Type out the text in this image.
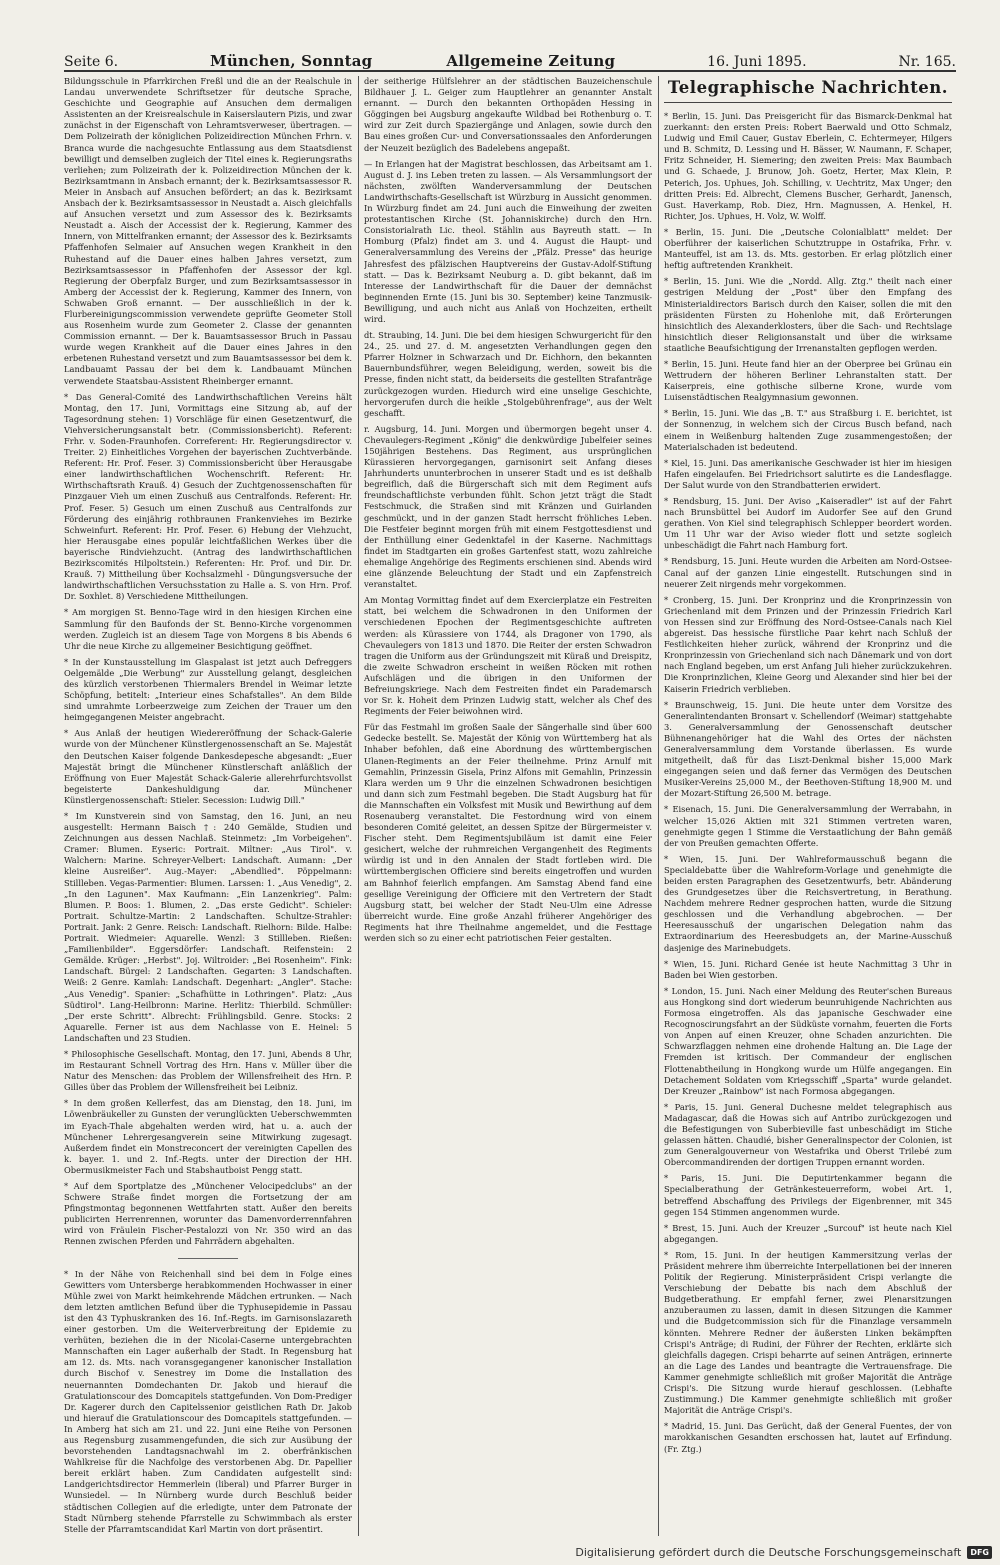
Seite 6.	München, Sonntag	Allgemeine Zeitung	16. Juni 1895.	Nr. 165.

Bildungsschule in Pfarrkirchen Freßl und die an der Realschule in Landau unverwendete Schriftsetzer für deutsche Sprache, Geschichte und Geographie auf Ansuchen dem dermaligen Assistenten an der Kreisrealschule in Kaiserslautern Pizis, und zwar zunächst in der Eigenschaft von Lehramtsverweser, übertragen. — Dem Polizeirath der königlichen Polizeidirection München Frhrn. v. Branca wurde die nachgesuchte Entlassung aus dem Staatsdienst bewilligt und demselben zugleich der Titel eines k. Regierungsraths verliehen; zum Polizeirath der k. Polizeidirection München der k. Bezirksamtmann in Ansbach ernannt; der k. Bezirksamtsassessor R. Meier in Ansbach auf Ansuchen befördert; an das k. Bezirksamt Ansbach der k. Bezirksamtsassessor in Neustadt a. Aisch gleichfalls auf Ansuchen versetzt und zum Assessor des k. Bezirksamts Neustadt a. Aisch der Accessist der k. Regierung, Kammer des Innern, von Mittelfranken ernannt; der Assessor des k. Bezirksamts Pfaffenhofen Selmaier auf Ansuchen wegen Krankheit in den Ruhestand auf die Dauer eines halben Jahres versetzt, zum Bezirksamtsassessor in Pfaffenhofen der Assessor der kgl. Regierung der Oberpfalz Burger, und zum Bezirksamtsassessor in Amberg der Accessist der k. Regierung, Kammer des Innern, von Schwaben Groß ernannt. — Der ausschließlich in der k. Flurbereinigungscommission verwendete geprüfte Geometer Stoll aus Rosenheim wurde zum Geometer 2. Classe der genannten Commission ernannt. — Der k. Bauamtsassessor Bruch in Passau wurde wegen Krankheit auf die Dauer eines Jahres in den erbetenen Ruhestand versetzt und zum Bauamtsassessor bei dem k. Landbauamt Passau der bei dem k. Landbauamt München verwendete Staatsbau-Assistent Rheinberger ernannt.

* Das General-Comité des Landwirthschaftlichen Vereins hält Montag, den 17. Juni, Vormittags eine Sitzung ab, auf der Tagesordnung stehen: 1) Vorschläge für einen Gesetzentwurf, die Viehversicherungsanstalt betr. (Commissionsbericht). Referent: Frhr. v. Soden-Fraunhofen. Correferent: Hr. Regierungsdirector v. Treiter. 2) Einheitliches Vorgehen der bayerischen Zuchtverbände. Referent: Hr. Prof. Feser. 3) Commissionsbericht über Herausgabe einer landwirthschaftlichen Wochenschrift. Referent: Hr. Wirthschaftsrath Krauß. 4) Gesuch der Zuchtgenossenschaften für Pinzgauer Vieh um einen Zuschuß aus Centralfonds. Referent: Hr. Prof. Feser. 5) Gesuch um einen Zuschuß aus Centralfonds zur Förderung des einjährig rothbraunen Frankenviehes im Bezirke Schweinfurt. Referent: Hr. Prof. Feser. 6) Hebung der Viehzucht, hier Herausgabe eines populär leichtfaßlichen Werkes über die bayerische Rindviehzucht. (Antrag des landwirthschaftlichen Bezirkscomités Hilpoltstein.) Referenten: Hr. Prof. und Dir. Dr. Krauß. 7) Mittheilung über Kochsalzmehl - Düngungsversuche der landwirthschaftlichen Versuchsstation zu Halle a. S. von Hrn. Prof. Dr. Soxhlet. 8) Verschiedene Mittheilungen.

* Am morgigen St. Benno-Tage wird in den hiesigen Kirchen eine Sammlung für den Baufonds der St. Benno-Kirche vorgenommen werden. Zugleich ist an diesem Tage von Morgens 8 bis Abends 6 Uhr die neue Kirche zu allgemeiner Besichtigung geöffnet.

* In der Kunstausstellung im Glaspalast ist jetzt auch Defreggers Oelgemälde „Die Werbung" zur Ausstellung gelangt, desgleichen des kürzlich verstorbenen Thiermalers Brendel in Weimar letzte Schöpfung, betitelt: „Interieur eines Schafstalles". An dem Bilde sind umrahmte Lorbeerzweige zum Zeichen der Trauer um den heimgegangenen Meister angebracht.

* Aus Anlaß der heutigen Wiedereröffnung der Schack-Galerie wurde von der Münchener Künstlergenossenschaft an Se. Majestät den Deutschen Kaiser folgende Dankesdepesche abgesandt: „Euer Majestät bringt die Münchener Künstlerschaft anläßlich der Eröffnung von Euer Majestät Schack-Galerie allerehrfurchtsvollst begeisterte Dankeshuldigung dar. Münchener Künstlergenossenschaft: Stieler. Secession: Ludwig Dill."

* Im Kunstverein sind von Samstag, den 16. Juni, an neu ausgestellt: Hermann Baisch †: 240 Gemälde, Studien und Zeichnungen aus dessen Nachlaß. Steinmetz: „Im Vorbeigehen". Cramer: Blumen. Eyseric: Portrait. Miltner: „Aus Tirol". v. Walchern: Marine. Schreyer-Velbert: Landschaft. Aumann: „Der kleine Ausreißer". Aug.-Mayer: „Abendlied". Pöppelmann: Stillleben. Vegas-Parmentier: Blumen. Larssen: 1. „Aus Venedig", 2. „In den Lagunen". Max Kaufmann: „Ein Lanzenkrieg". Palm: Blumen. P. Boos: 1. Blumen, 2. „Das erste Gedicht". Schieler: Portrait. Schultze-Martin: 2 Landschaften. Schultze-Strahler: Portrait. Jank: 2 Genre. Reisch: Landschaft. Rielhorn: Bilde. Halbe: Portrait. Wiedmeier: Aquarelle. Wenzl: 3 Stillleben. Rießen: „Familienbilder". Eggersdörfer: Landschaft. Reifenstein: 2 Gemälde. Krüger: „Herbst". Joj. Wiltroider: „Bei Rosenheim". Fink: Landschaft. Bürgel: 2 Landschaften. Gegarten: 3 Landschaften. Weiß: 2 Genre. Kamlah: Landschaft. Degenhart: „Angler". Stache: „Aus Venedig". Spanier: „Schafhütte in Lothringen". Platz: „Aus Südtirol". Lang-Heilbronn: Marine. Herlitz: Thierbild. Schmüller: „Der erste Schritt". Albrecht: Frühlingsbild. Genre. Stocks: 2 Aquarelle. Ferner ist aus dem Nachlasse von E. Heinel: 5 Landschaften und 23 Studien.

* Philosophische Gesellschaft. Montag, den 17. Juni, Abends 8 Uhr, im Restaurant Schnell Vortrag des Hrn. Hans v. Müller über die Natur des Menschen: das Problem der Willensfreiheit des Hrn. P. Gilles über das Problem der Willensfreiheit bei Leibniz.

* In dem großen Kellerfest, das am Dienstag, den 18. Juni, im Löwenbräukeller zu Gunsten der verunglückten Ueberschwemmten im Eyach-Thale abgehalten werden wird, hat u. a. auch der Münchener Lehrergesangverein seine Mitwirkung zugesagt. Außerdem findet ein Monstreconcert der vereinigten Capellen des k. bayer. 1. und 2. Inf.-Regts. unter der Direction der HH. Obermusikmeister Fach und Stabshautboist Pengg statt.

* Auf dem Sportplatze des „Münchener Velocipedclubs" an der Schwere Straße findet morgen die Fortsetzung der am Pfingstmontag begonnenen Wettfahrten statt. Außer den bereits publicirten Herrenrennen, worunter das Damenvorderrennfahren wird von Fräulein Fischer-Pestalozzi von Nr. 350 wird an das Rennen zwischen Pferden und Fahrrädern abgehalten.

* In der Nähe von Reichenhall sind bei dem in Folge eines Gewitters vom Untersberge herabkommenden Hochwasser in einer Mühle zwei von Markt heimkehrende Mädchen ertrunken. — Nach dem letzten amtlichen Befund über die Typhusepidemie in Passau ist den 43 Typhuskranken des 16. Inf.-Regts. im Garnisonslazareth einer gestorben. Um die Weiterverbreitung der Epidemie zu verhüten, beziehen die in der Nicolai-Caserne untergebrachten Mannschaften ein Lager außerhalb der Stadt. In Regensburg hat am 12. ds. Mts. nach voransgegangener kanonischer Installation durch Bischof v. Senestrey im Dome die Installation des neuernannten Domdechanten Dr. Jakob und hierauf die Gratulationscour des Domcapitels stattgefunden. Von Dom-Prediger Dr. Kagerer durch den Capitelssenior geistlichen Rath Dr. Jakob und hierauf die Gratulationscour des Domcapitels stattgefunden. — In Amberg hat sich am 21. und 22. Juni eine Reihe von Personen aus Regensburg zusammengefunden, die sich zur Ausübung der bevorstehenden Landtagsnachwahl im 2. oberfränkischen Wahlkreise für die Nachfolge des verstorbenen Abg. Dr. Papellier bereit erklärt haben. Zum Candidaten aufgestellt sind: Landgerichtsdirector Hemmerlein (liberal) und Pfarrer Burger in Wunsiedel. — In Nürnberg wurde durch Beschluß beider städtischen Collegien auf die erledigte, unter dem Patronate der Stadt Nürnberg stehende Pfarrstelle zu Schwimmbach als erster Stelle der Pfarramtscandidat Karl Martin von dort präsentirt.

der seitherige Hülfslehrer an der städtischen Bauzeichenschule Bildhauer J. L. Geiger zum Hauptlehrer an genannter Anstalt ernannt. — Durch den bekannten Orthopäden Hessing in Göggingen bei Augsburg angekaufte Wildbad bei Rothenburg o. T. wird zur Zeit durch Spaziergänge und Anlagen, sowie durch den Bau eines großen Cur- und Conversationssaales den Anforderungen der Neuzeit bezüglich des Badelebens angepaßt.

— In Erlangen hat der Magistrat beschlossen, das Arbeitsamt am 1. August d. J. ins Leben treten zu lassen. — Als Versammlungsort der nächsten, zwölften Wanderversammlung der Deutschen Landwirthschafts-Gesellschaft ist Würzburg in Aussicht genommen. In Würzburg findet am 24. Juni auch die Einweihung der zweiten protestantischen Kirche (St. Johanniskirche) durch den Hrn. Consistorialrath Lic. theol. Stählin aus Bayreuth statt. — In Homburg (Pfalz) findet am 3. und 4. August die Haupt- und Generalversammlung des Vereins der „Pfälz. Presse" das heurige Jahresfest des pfälzischen Hauptvereins der Gustav-Adolf-Stiftung statt. — Das k. Bezirksamt Neuburg a. D. gibt bekannt, daß im Interesse der Landwirthschaft für die Dauer der demnächst beginnenden Ernte (15. Juni bis 30. September) keine Tanzmusik-Bewilligung, und auch nicht aus Anlaß von Hochzeiten, ertheilt wird.

dt. Straubing, 14. Juni. Die bei dem hiesigen Schwurgericht für den 24., 25. und 27. d. M. angesetzten Verhandlungen gegen den Pfarrer Holzner in Schwarzach und Dr. Eichhorn, den bekannten Bauernbundsführer, wegen Beleidigung, werden, soweit bis die Presse, finden nicht statt, da beiderseits die gestellten Strafanträge zurückgezogen wurden. Hiedurch wird eine unselige Geschichte, hervorgerufen durch die heikle „Stolgebührenfrage", aus der Welt geschafft.

r. Augsburg, 14. Juni. Morgen und übermorgen begeht unser 4. Chevaulegers-Regiment „König" die denkwürdige Jubelfeier seines 150jährigen Bestehens. Das Regiment, aus ursprünglichen Kürassieren hervorgegangen, garnisonirt seit Anfang dieses Jahrhunderts ununterbrochen in unserer Stadt und es ist deßhalb begreiflich, daß die Bürgerschaft sich mit dem Regiment aufs freundschaftlichste verbunden fühlt. Schon jetzt trägt die Stadt Festschmuck, die Straßen sind mit Kränzen und Guirlanden geschmückt, und in der ganzen Stadt herrscht fröhliches Leben. Die Festfeier beginnt morgen früh mit einem Festgottesdienst und der Enthüllung einer Gedenktafel in der Kaserne. Nachmittags findet im Stadtgarten ein großes Gartenfest statt, wozu zahlreiche ehemalige Angehörige des Regiments erschienen sind. Abends wird eine glänzende Beleuchtung der Stadt und ein Zapfenstreich veranstaltet.

Am Montag Vormittag findet auf dem Exercierplatze ein Festreiten statt, bei welchem die Schwadronen in den Uniformen der verschiedenen Epochen der Regimentsgeschichte auftreten werden: als Kürassiere von 1744, als Dragoner von 1790, als Chevaulegers von 1813 und 1870. Die Reiter der ersten Schwadron tragen die Uniform aus der Gründungszeit mit Küraß und Dreispitz, die zweite Schwadron erscheint in weißen Röcken mit rothen Aufschlägen und die übrigen in den Uniformen der Befreiungskriege. Nach dem Festreiten findet ein Parademarsch vor Sr. k. Hoheit dem Prinzen Ludwig statt, welcher als Chef des Regiments der Feier beiwohnen wird.

Für das Festmahl im großen Saale der Sängerhalle sind über 600 Gedecke bestellt. Se. Majestät der König von Württemberg hat als Inhaber befohlen, daß eine Abordnung des württembergischen Ulanen-Regiments an der Feier theilnehme. Prinz Arnulf mit Gemahlin, Prinzessin Gisela, Prinz Alfons mit Gemahlin, Prinzessin Klara werden um 9 Uhr die einzelnen Schwadronen besichtigen und dann sich zum Festmahl begeben. Die Stadt Augsburg hat für die Mannschaften ein Volksfest mit Musik und Bewirthung auf dem Rosenauberg veranstaltet. Die Festordnung wird von einem besonderen Comité geleitet, an dessen Spitze der Bürgermeister v. Fischer steht. Dem Regimentsjubiläum ist damit eine Feier gesichert, welche der ruhmreichen Vergangenheit des Regiments würdig ist und in den Annalen der Stadt fortleben wird. Die württembergischen Officiere sind bereits eingetroffen und wurden am Bahnhof feierlich empfangen. Am Samstag Abend fand eine gesellige Vereinigung der Officiere mit den Vertretern der Stadt Augsburg statt, bei welcher der Stadt Neu-Ulm eine Adresse überreicht wurde. Eine große Anzahl früherer Angehöriger des Regiments hat ihre Theilnahme angemeldet, und die Festtage werden sich so zu einer echt patriotischen Feier gestalten.

Telegraphische Nachrichten.

* Berlin, 15. Juni. Das Preisgericht für das Bismarck-Denkmal hat zuerkannt: den ersten Preis: Robert Baerwald und Otto Schmalz, Ludwig und Emil Cauer, Gustav Eberlein, C. Echtermeyer, Hilgers und B. Schmitz, D. Lessing und H. Bässer, W. Naumann, F. Schaper, Fritz Schneider, H. Siemering; den zweiten Preis: Max Baumbach und G. Schaede, J. Brunow, Joh. Goetz, Herter, Max Klein, P. Peterich, Jos. Uphues, Joh. Schilling, v. Uechtritz, Max Unger; den dritten Preis: Ed. Albrecht, Clemens Buscher, Gerhardt, Janensch, Gust. Haverkamp, Rob. Diez, Hrn. Magnussen, A. Henkel, H. Richter, Jos. Uphues, H. Volz, W. Wolff.

* Berlin, 15. Juni. Die „Deutsche Colonialblatt" meldet: Der Oberführer der kaiserlichen Schutztruppe in Ostafrika, Frhr. v. Manteuffel, ist am 13. ds. Mts. gestorben. Er erlag plötzlich einer heftig auftretenden Krankheit.

* Berlin, 15. Juni. Wie die „Nordd. Allg. Ztg." theilt nach einer gestrigen Meldung der „Post" über den Empfang des Ministerialdirectors Barisch durch den Kaiser, sollen die mit den präsidenten Fürsten zu Hohenlohe mit, daß Erörterungen hinsichtlich des Alexanderklosters, über die Sach- und Rechtslage hinsichtlich dieser Religionsanstalt und über die wirksame staatliche Beaufsichtigung der Irrenanstalten gepflogen werden.

* Berlin, 15. Juni. Heute fand hier an der Oberpree bei Grünau ein Wettrudern der höheren Berliner Lehranstalten statt. Der Kaiserpreis, eine gothische silberne Krone, wurde vom Luisenstädtischen Realgymnasium gewonnen.

* Berlin, 15. Juni. Wie das „B. T." aus Straßburg i. E. berichtet, ist der Sonnenzug, in welchem sich der Circus Busch befand, nach einem in Weißenburg haltenden Zuge zusammengestoßen; der Materialschaden ist bedeutend.

* Kiel, 15. Juni. Das amerikanische Geschwader ist hier im hiesigen Hafen eingelaufen. Bei Friedrichsort salutirte es die Landesflagge. Der Salut wurde von den Strandbatterien erwidert.

* Rendsburg, 15. Juni. Der Aviso „Kaiseradler" ist auf der Fahrt nach Brunsbüttel bei Audorf im Audorfer See auf den Grund gerathen. Von Kiel sind telegraphisch Schlepper beordert worden. Um 11 Uhr war der Aviso wieder flott und setzte sogleich unbeschädigt die Fahrt nach Hamburg fort.

* Rendsburg, 15. Juni. Heute wurden die Arbeiten am Nord-Ostsee-Canal auf der ganzen Linie eingestellt. Rutschungen sind in neuerer Zeit nirgends mehr vorgekommen.

* Cronberg, 15. Juni. Der Kronprinz und die Kronprinzessin von Griechenland mit dem Prinzen und der Prinzessin Friedrich Karl von Hessen sind zur Eröffnung des Nord-Ostsee-Canals nach Kiel abgereist. Das hessische fürstliche Paar kehrt nach Schluß der Festlichkeiten hieher zurück, während der Kronprinz und die Kronprinzessin von Griechenland sich nach Dänemark und von dort nach England begeben, um erst Anfang Juli hieher zurückzukehren. Die Kronprinzlichen, Kleine Georg und Alexander sind hier bei der Kaiserin Friedrich verblieben.

* Braunschweig, 15. Juni. Die heute unter dem Vorsitze des Generalintendanten Bronsart v. Schellendorf (Weimar) stattgehabte 3. Generalversammlung der Genossenschaft deutscher Bühnenangehöriger hat die Wahl des Ortes der nächsten Generalversammlung dem Vorstande überlassen. Es wurde mitgetheilt, daß für das Liszt-Denkmal bisher 15,000 Mark eingegangen seien und daß ferner das Vermögen des Deutschen Musiker-Vereins 25,000 M., der Beethoven-Stiftung 18,900 M. und der Mozart-Stiftung 26,500 M. betrage.

* Eisenach, 15. Juni. Die Generalversammlung der Werrabahn, in welcher 15,026 Aktien mit 321 Stimmen vertreten waren, genehmigte gegen 1 Stimme die Verstaatlichung der Bahn gemäß der von Preußen gemachten Offerte.

* Wien, 15. Juni. Der Wahlreformausschuß begann die Specialdebatte über die Wahlreform-Vorlage und genehmigte die beiden ersten Paragraphen des Gesetzentwurfs, betr. Abänderung des Grundgesetzes über die Reichsvertretung, in Berathung. Nachdem mehrere Redner gesprochen hatten, wurde die Sitzung geschlossen und die Verhandlung abgebrochen. — Der Heeresausschuß der ungarischen Delegation nahm das Extraordinarium des Heeresbudgets an, der Marine-Ausschuß dasjenige des Marinebudgets.

* Wien, 15. Juni. Richard Genée ist heute Nachmittag 3 Uhr in Baden bei Wien gestorben.

* London, 15. Juni. Nach einer Meldung des Reuter'schen Bureaus aus Hongkong sind dort wiederum beunruhigende Nachrichten aus Formosa eingetroffen. Als das japanische Geschwader eine Recognoscirungsfahrt an der Südküste vornahm, feuerten die Forts von Anpen auf einen Kreuzer, ohne Schaden anzurichten. Die Schwarzflaggen nehmen eine drohende Haltung an. Die Lage der Fremden ist kritisch. Der Commandeur der englischen Flottenabtheilung in Hongkong wurde um Hülfe angegangen. Ein Detachement Soldaten vom Kriegsschiff „Sparta" wurde gelandet. Der Kreuzer „Rainbow" ist nach Formosa abgegangen.

* Paris, 15. Juni. General Duchesne meldet telegraphisch aus Madagascar, daß die Howas sich auf Antribo zurückgezogen und die Befestigungen von Suberbieville fast unbeschädigt im Stiche gelassen hätten. Chaudié, bisher Generalinspector der Colonien, ist zum Generalgouverneur von Westafrika und Oberst Trilebé zum Obercommandirenden der dortigen Truppen ernannt worden.

* Paris, 15. Juni. Die Deputirtenkammer begann die Specialberathung der Getränkesteuerreform, wobei Art. 1, betreffend Abschaffung des Privilegs der Eigenbrenner, mit 345 gegen 154 Stimmen angenommen wurde.

* Brest, 15. Juni. Auch der Kreuzer „Surcouf" ist heute nach Kiel abgegangen.

* Rom, 15. Juni. In der heutigen Kammersitzung verlas der Präsident mehrere ihm überreichte Interpellationen bei der inneren Politik der Regierung. Ministerpräsident Crispi verlangte die Verschiebung der Debatte bis nach dem Abschluß der Budgetberathung. Er empfahl ferner, zwei Plenarsitzungen anzuberaumen zu lassen, damit in diesen Sitzungen die Kammer und die Budgetcommission sich für die Finanzlage versammeln könnten. Mehrere Redner der äußersten Linken bekämpften Crispi's Anträge; di Rudini, der Führer der Rechten, erklärte sich gleichfalls dagegen. Crispi beharrte auf seinen Anträgen, erinnerte an die Lage des Landes und beantragte die Vertrauensfrage. Die Kammer genehmigte schließlich mit großer Majorität die Anträge Crispi's. Die Sitzung wurde hierauf geschlossen. (Lebhafte Zustimmung.) Die Kammer genehmigte schließlich mit großer Majorität die Anträge Crispi's.

* Madrid, 15. Juni. Das Gerücht, daß der General Fuentes, der von marokkanischen Gesandten erschossen hat, lautet auf Erfindung. (Fr. Ztg.)

Digitalisierung gefördert durch die Deutsche Forschungsgemeinschaft	DFG
